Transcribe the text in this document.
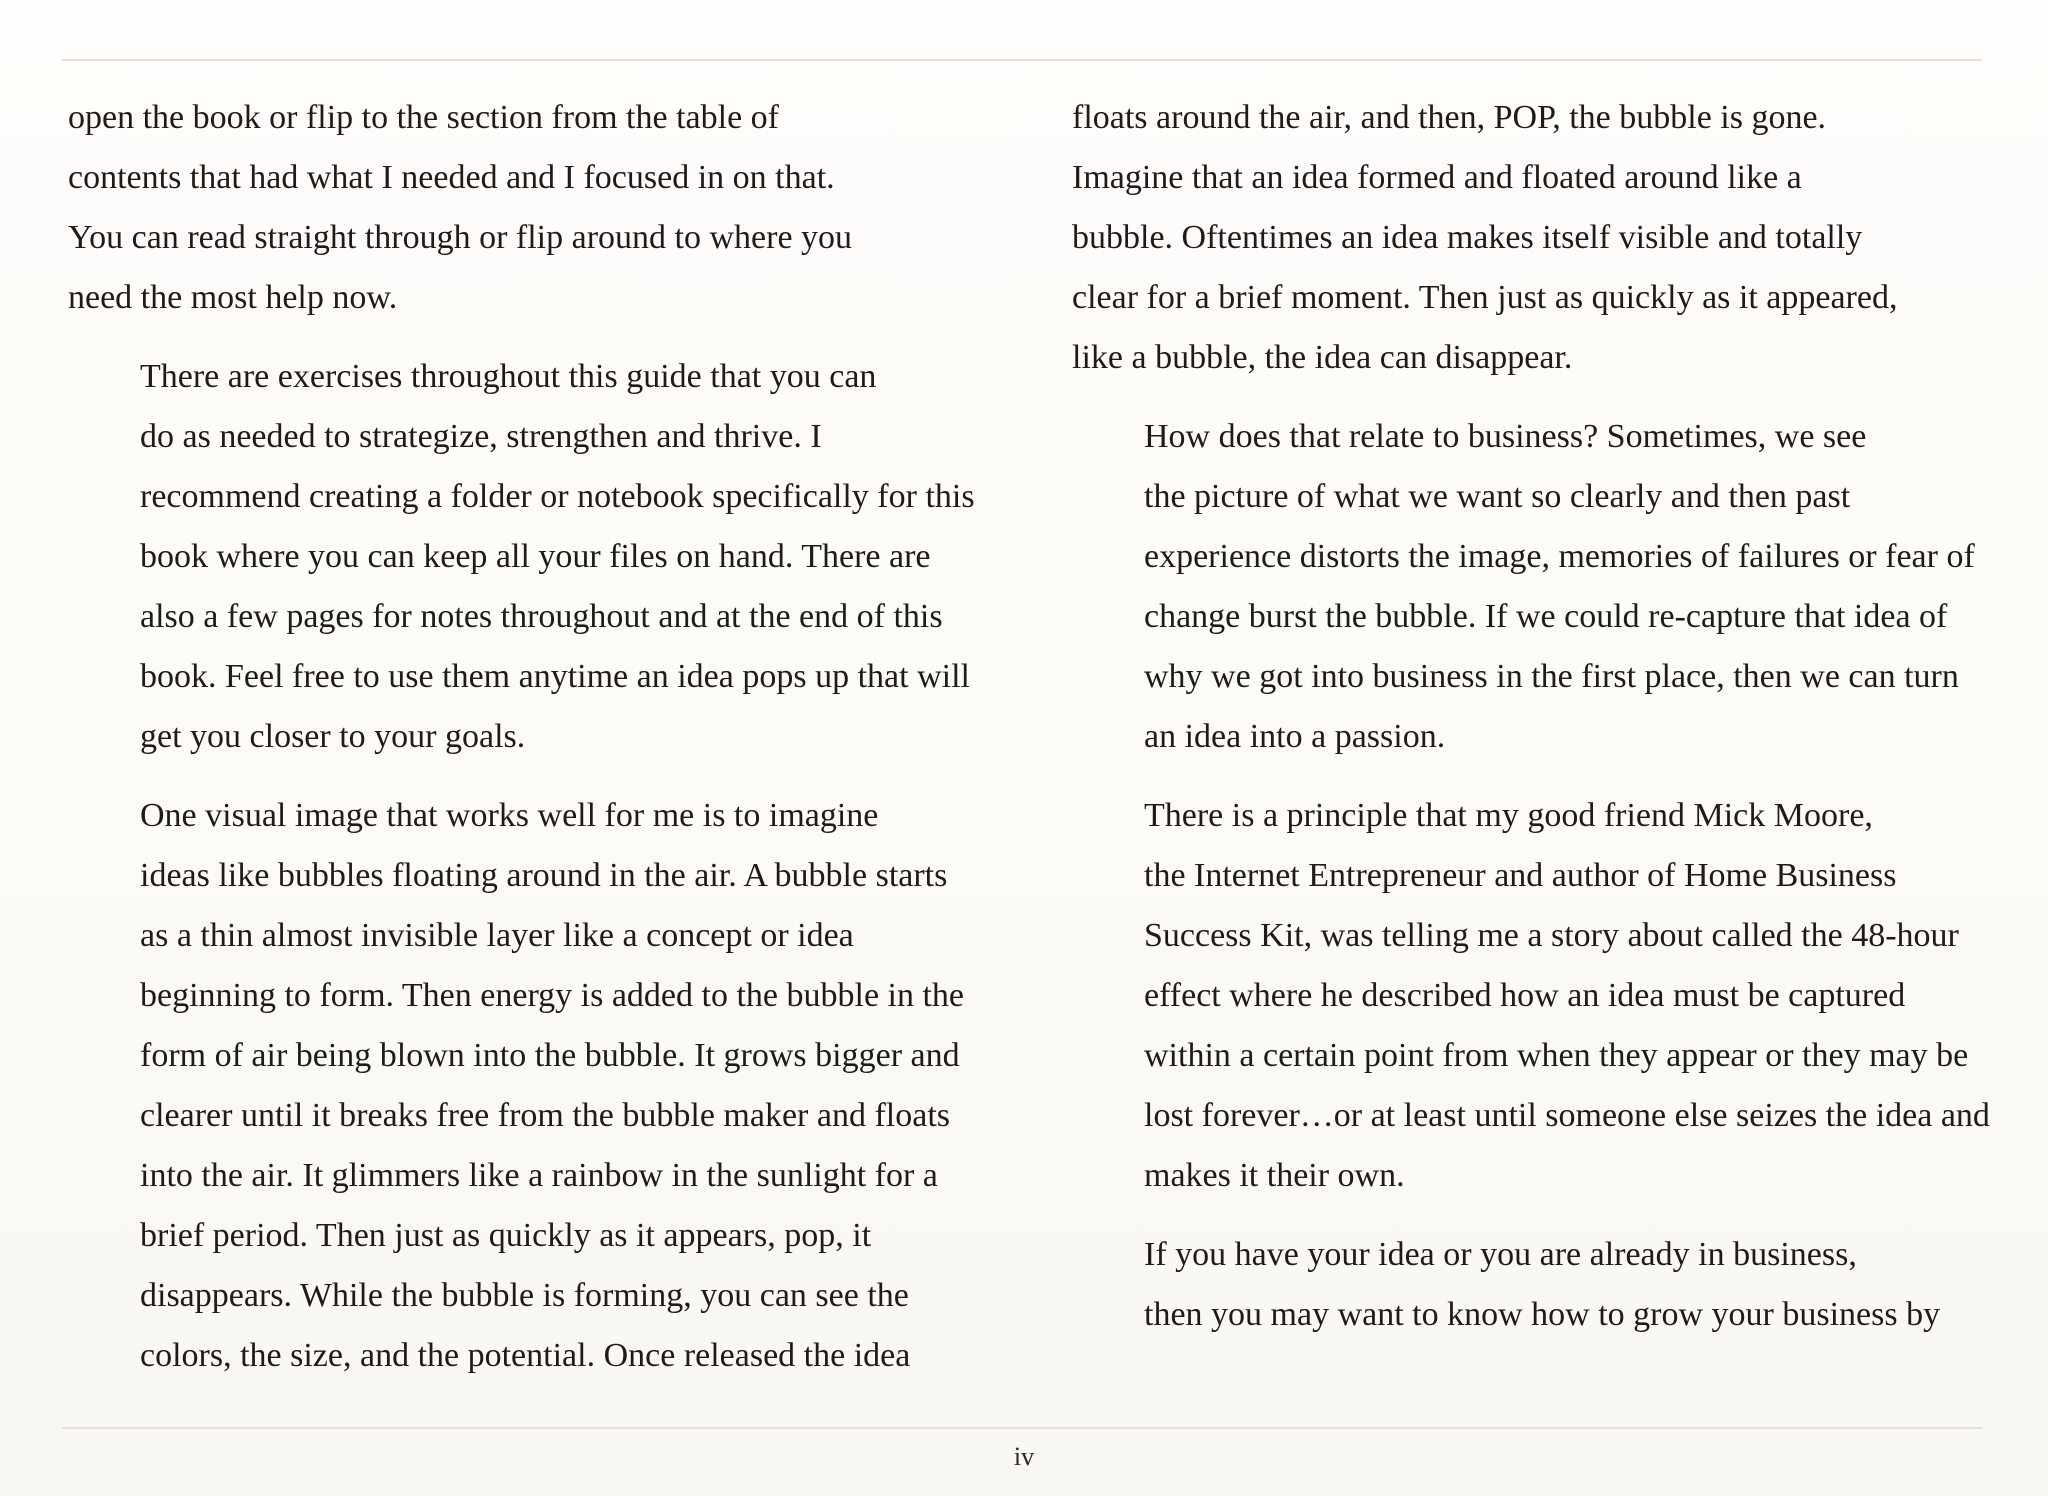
open the book or flip to the section from the table of
contents that had what I needed and I focused in on that.
You can read straight through or flip around to where you
need the most help now.

There are exercises throughout this guide that you can
do as needed to strategize, strengthen and thrive. I
recommend creating a folder or notebook specifically for this
book where you can keep all your files on hand. There are
also a few pages for notes throughout and at the end of this
book. Feel free to use them anytime an idea pops up that will
get you closer to your goals.

One visual image that works well for me is to imagine
ideas like bubbles floating around in the air. A bubble starts
as a thin almost invisible layer like a concept or idea
beginning to form. Then energy is added to the bubble in the
form of air being blown into the bubble. It grows bigger and
clearer until it breaks free from the bubble maker and floats
into the air. It glimmers like a rainbow in the sunlight for a
brief period. Then just as quickly as it appears, pop, it
disappears. While the bubble is forming, you can see the
colors, the size, and the potential. Once released the idea

floats around the air, and then, POP, the bubble is gone.
Imagine that an idea formed and floated around like a
bubble. Oftentimes an idea makes itself visible and totally
clear for a brief moment. Then just as quickly as it appeared,
like a bubble, the idea can disappear.

How does that relate to business? Sometimes, we see
the picture of what we want so clearly and then past
experience distorts the image, memories of failures or fear of
change burst the bubble. If we could re-capture that idea of
why we got into business in the first place, then we can turn
an idea into a passion.

There is a principle that my good friend Mick Moore,
the Internet Entrepreneur and author of Home Business
Success Kit, was telling me a story about called the 48-hour
effect where he described how an idea must be captured
within a certain point from when they appear or they may be
lost forever…or at least until someone else seizes the idea and
makes it their own.

If you have your idea or you are already in business,
then you may want to know how to grow your business by

iv
